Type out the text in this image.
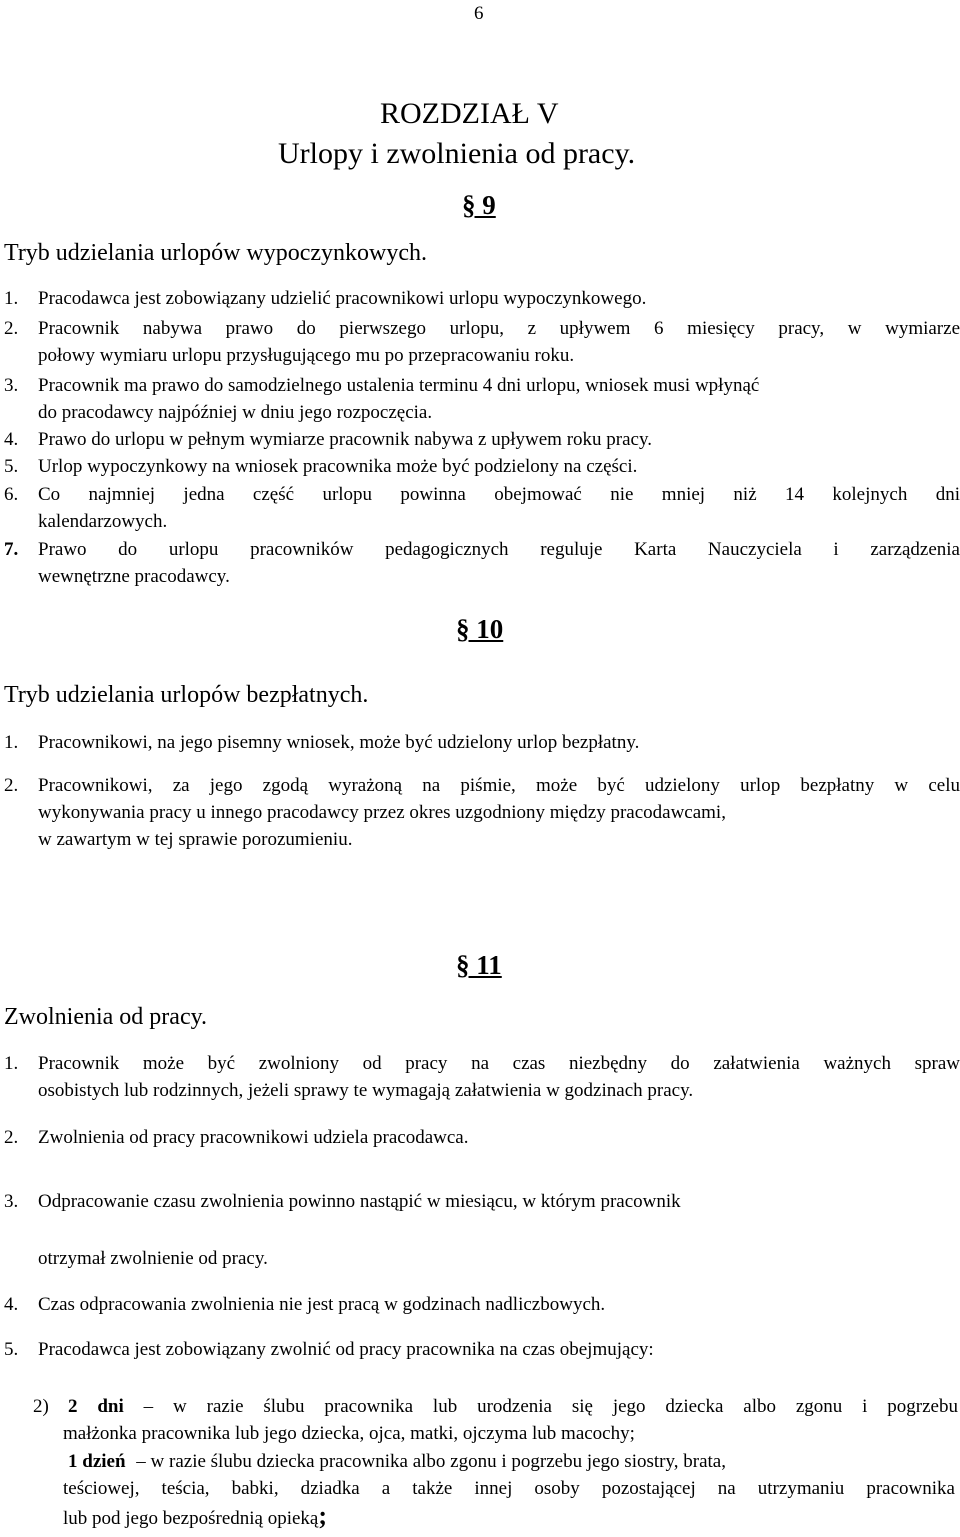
6
ROZDZIAŁ V
Urlopy i zwolnienia od pracy.
§ 9
Tryb udzielania urlopów wypoczynkowych.
1. Pracodawca jest zobowiązany udzielić pracownikowi urlopu wypoczynkowego.
2. Pracownik nabywa prawo do pierwszego urlopu, z upływem 6 miesięcy pracy, w wymiarze
połowy wymiaru urlopu przysługującego mu po przepracowaniu roku.
3. Pracownik ma prawo do samodzielnego ustalenia terminu 4 dni urlopu, wniosek musi wpłynąć
do pracodawcy najpóźniej w dniu jego rozpoczęcia.
4. Prawo do urlopu w pełnym wymiarze pracownik nabywa z upływem roku pracy.
5. Urlop wypoczynkowy na wniosek pracownika może być podzielony na części.
6. Co najmniej jedna część urlopu powinna obejmować nie mniej niż 14 kolejnych dni
kalendarzowych.
7. Prawo do urlopu pracowników pedagogicznych reguluje Karta Nauczyciela i zarządzenia
wewnętrzne pracodawcy.
§ 10
Tryb udzielania urlopów bezpłatnych.
1. Pracownikowi, na jego pisemny wniosek, może być udzielony urlop bezpłatny.
2. Pracownikowi, za jego zgodą wyrażoną na piśmie, może być udzielony urlop bezpłatny w celu
wykonywania pracy u innego pracodawcy przez okres uzgodniony między pracodawcami,
w zawartym w tej sprawie porozumieniu.
§ 11
Zwolnienia od pracy.
1. Pracownik może być zwolniony od pracy na czas niezbędny do załatwienia ważnych spraw
osobistych lub rodzinnych, jeżeli sprawy te wymagają załatwienia w godzinach pracy.
2. Zwolnienia od pracy pracownikowi udziela pracodawca.
3. Odpracowanie czasu zwolnienia powinno nastąpić w miesiącu, w którym pracownik
otrzymał zwolnienie od pracy.
4. Czas odpracowania zwolnienia nie jest pracą w godzinach nadliczbowych.
5. Pracodawca jest zobowiązany zwolnić od pracy pracownika na czas obejmujący:
2) 2 dni – w razie ślubu pracownika lub urodzenia się jego dziecka albo zgonu i pogrzebu
małżonka pracownika lub jego dziecka, ojca, matki, ojczyma lub macochy;
1 dzień – w razie ślubu dziecka pracownika albo zgonu i pogrzebu jego siostry, brata,
teściowej, teścia, babki, dziadka a także innej osoby pozostającej na utrzymaniu pracownika
lub pod jego bezpośrednią opieką;
